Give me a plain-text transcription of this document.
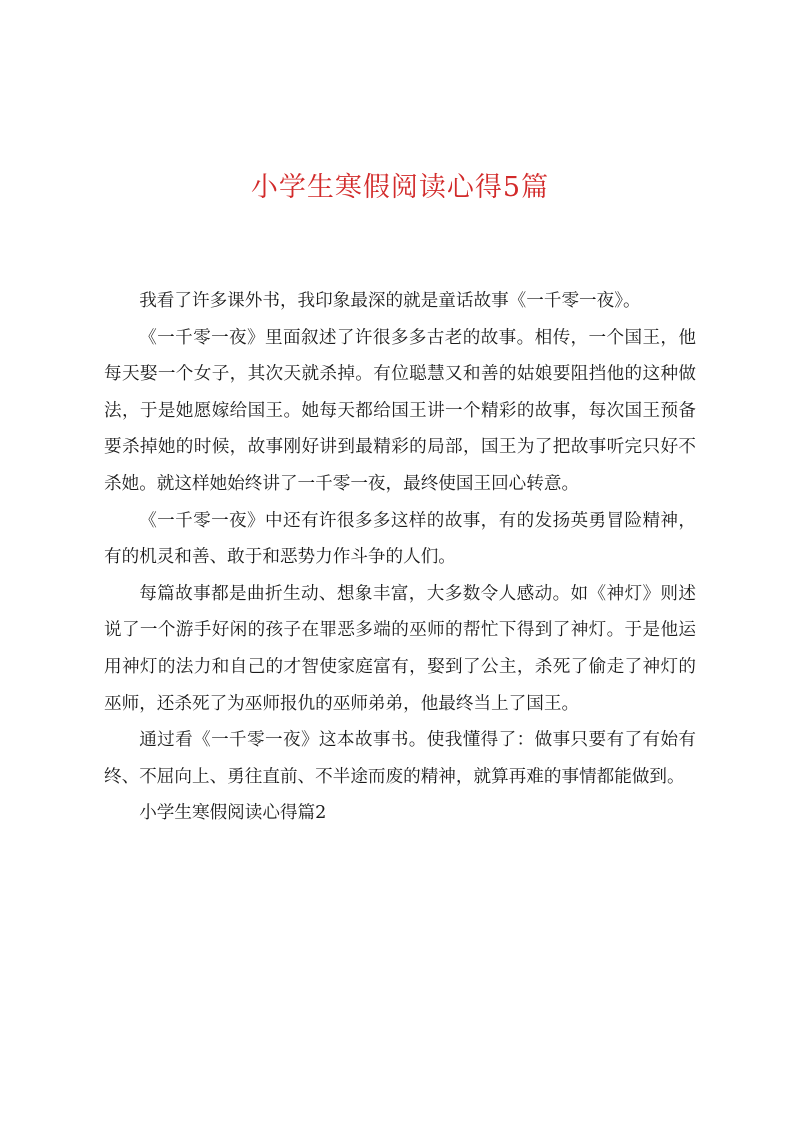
小学生寒假阅读心得5篇

我看了许多课外书，我印象最深的就是童话故事《一千零一夜》。

《一千零一夜》里面叙述了许很多多古老的故事。相传，一个国王，他每天娶一个女子，其次天就杀掉。有位聪慧又和善的姑娘要阻挡他的这种做法，于是她愿嫁给国王。她每天都给国王讲一个精彩的故事，每次国王预备要杀掉她的时候，故事刚好讲到最精彩的局部，国王为了把故事听完只好不杀她。就这样她始终讲了一千零一夜，最终使国王回心转意。

《一千零一夜》中还有许很多多这样的故事，有的发扬英勇冒险精神，有的机灵和善、敢于和恶势力作斗争的人们。

每篇故事都是曲折生动、想象丰富，大多数令人感动。如《神灯》则述说了一个游手好闲的孩子在罪恶多端的巫师的帮忙下得到了神灯。于是他运用神灯的法力和自己的才智使家庭富有，娶到了公主，杀死了偷走了神灯的巫师，还杀死了为巫师报仇的巫师弟弟，他最终当上了国王。

通过看《一千零一夜》这本故事书。使我懂得了：做事只要有了有始有终、不屈向上、勇往直前、不半途而废的精神，就算再难的事情都能做到。

小学生寒假阅读心得篇2
